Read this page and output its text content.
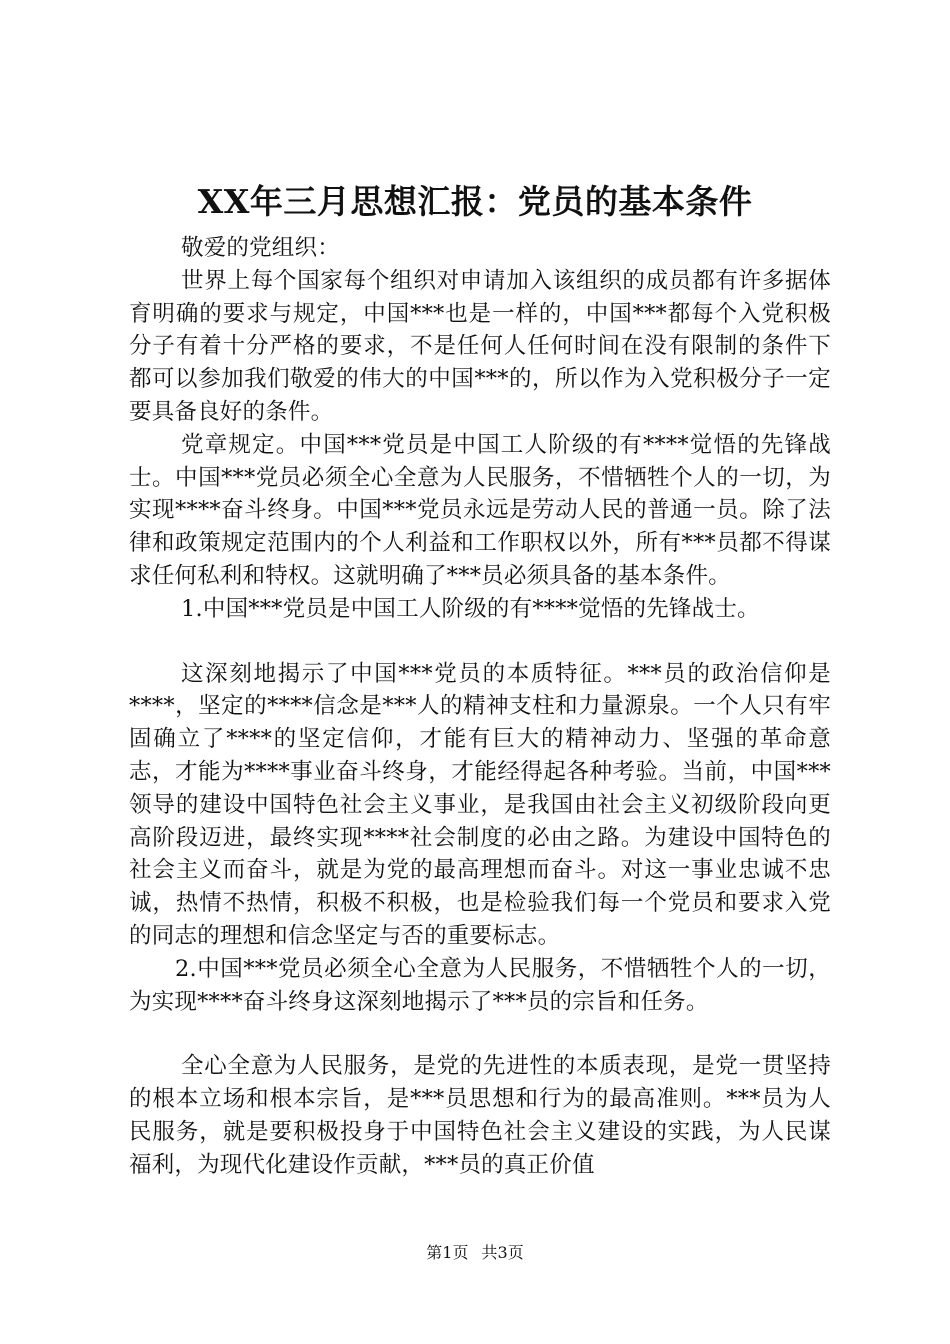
XX年三月思想汇报：党员的基本条件

敬爱的党组织：

世界上每个国家每个组织对申请加入该组织的成员都有许多据体育明确的要求与规定，中国***也是一样的，中国***都每个入党积极分子有着十分严格的要求，不是任何人任何时间在没有限制的条件下都可以参加我们敬爱的伟大的中国***的，所以作为入党积极分子一定要具备良好的条件。

党章规定。中国***党员是中国工人阶级的有****觉悟的先锋战士。中国***党员必须全心全意为人民服务，不惜牺牲个人的一切，为实现****奋斗终身。中国***党员永远是劳动人民的普通一员。除了法律和政策规定范围内的个人利益和工作职权以外，所有***员都不得谋求任何私利和特权。这就明确了***员必须具备的基本条件。

1.中国***党员是中国工人阶级的有****觉悟的先锋战士。

这深刻地揭示了中国***党员的本质特征。***员的政治信仰是****，坚定的****信念是***人的精神支柱和力量源泉。一个人只有牢固确立了****的坚定信仰，才能有巨大的精神动力、坚强的革命意志，才能为****事业奋斗终身，才能经得起各种考验。当前，中国***领导的建设中国特色社会主义事业，是我国由社会主义初级阶段向更高阶段迈进，最终实现****社会制度的必由之路。为建设中国特色的社会主义而奋斗，就是为党的最高理想而奋斗。对这一事业忠诚不忠诚，热情不热情，积极不积极，也是检验我们每一个党员和要求入党的同志的理想和信念坚定与否的重要标志。

2.中国***党员必须全心全意为人民服务，不惜牺牲个人的一切，为实现****奋斗终身这深刻地揭示了***员的宗旨和任务。

全心全意为人民服务，是党的先进性的本质表现，是党一贯坚持的根本立场和根本宗旨，是***员思想和行为的最高准则。***员为人民服务，就是要积极投身于中国特色社会主义建设的实践，为人民谋福利，为现代化建设作贡献，***员的真正价值

第1页 共3页
